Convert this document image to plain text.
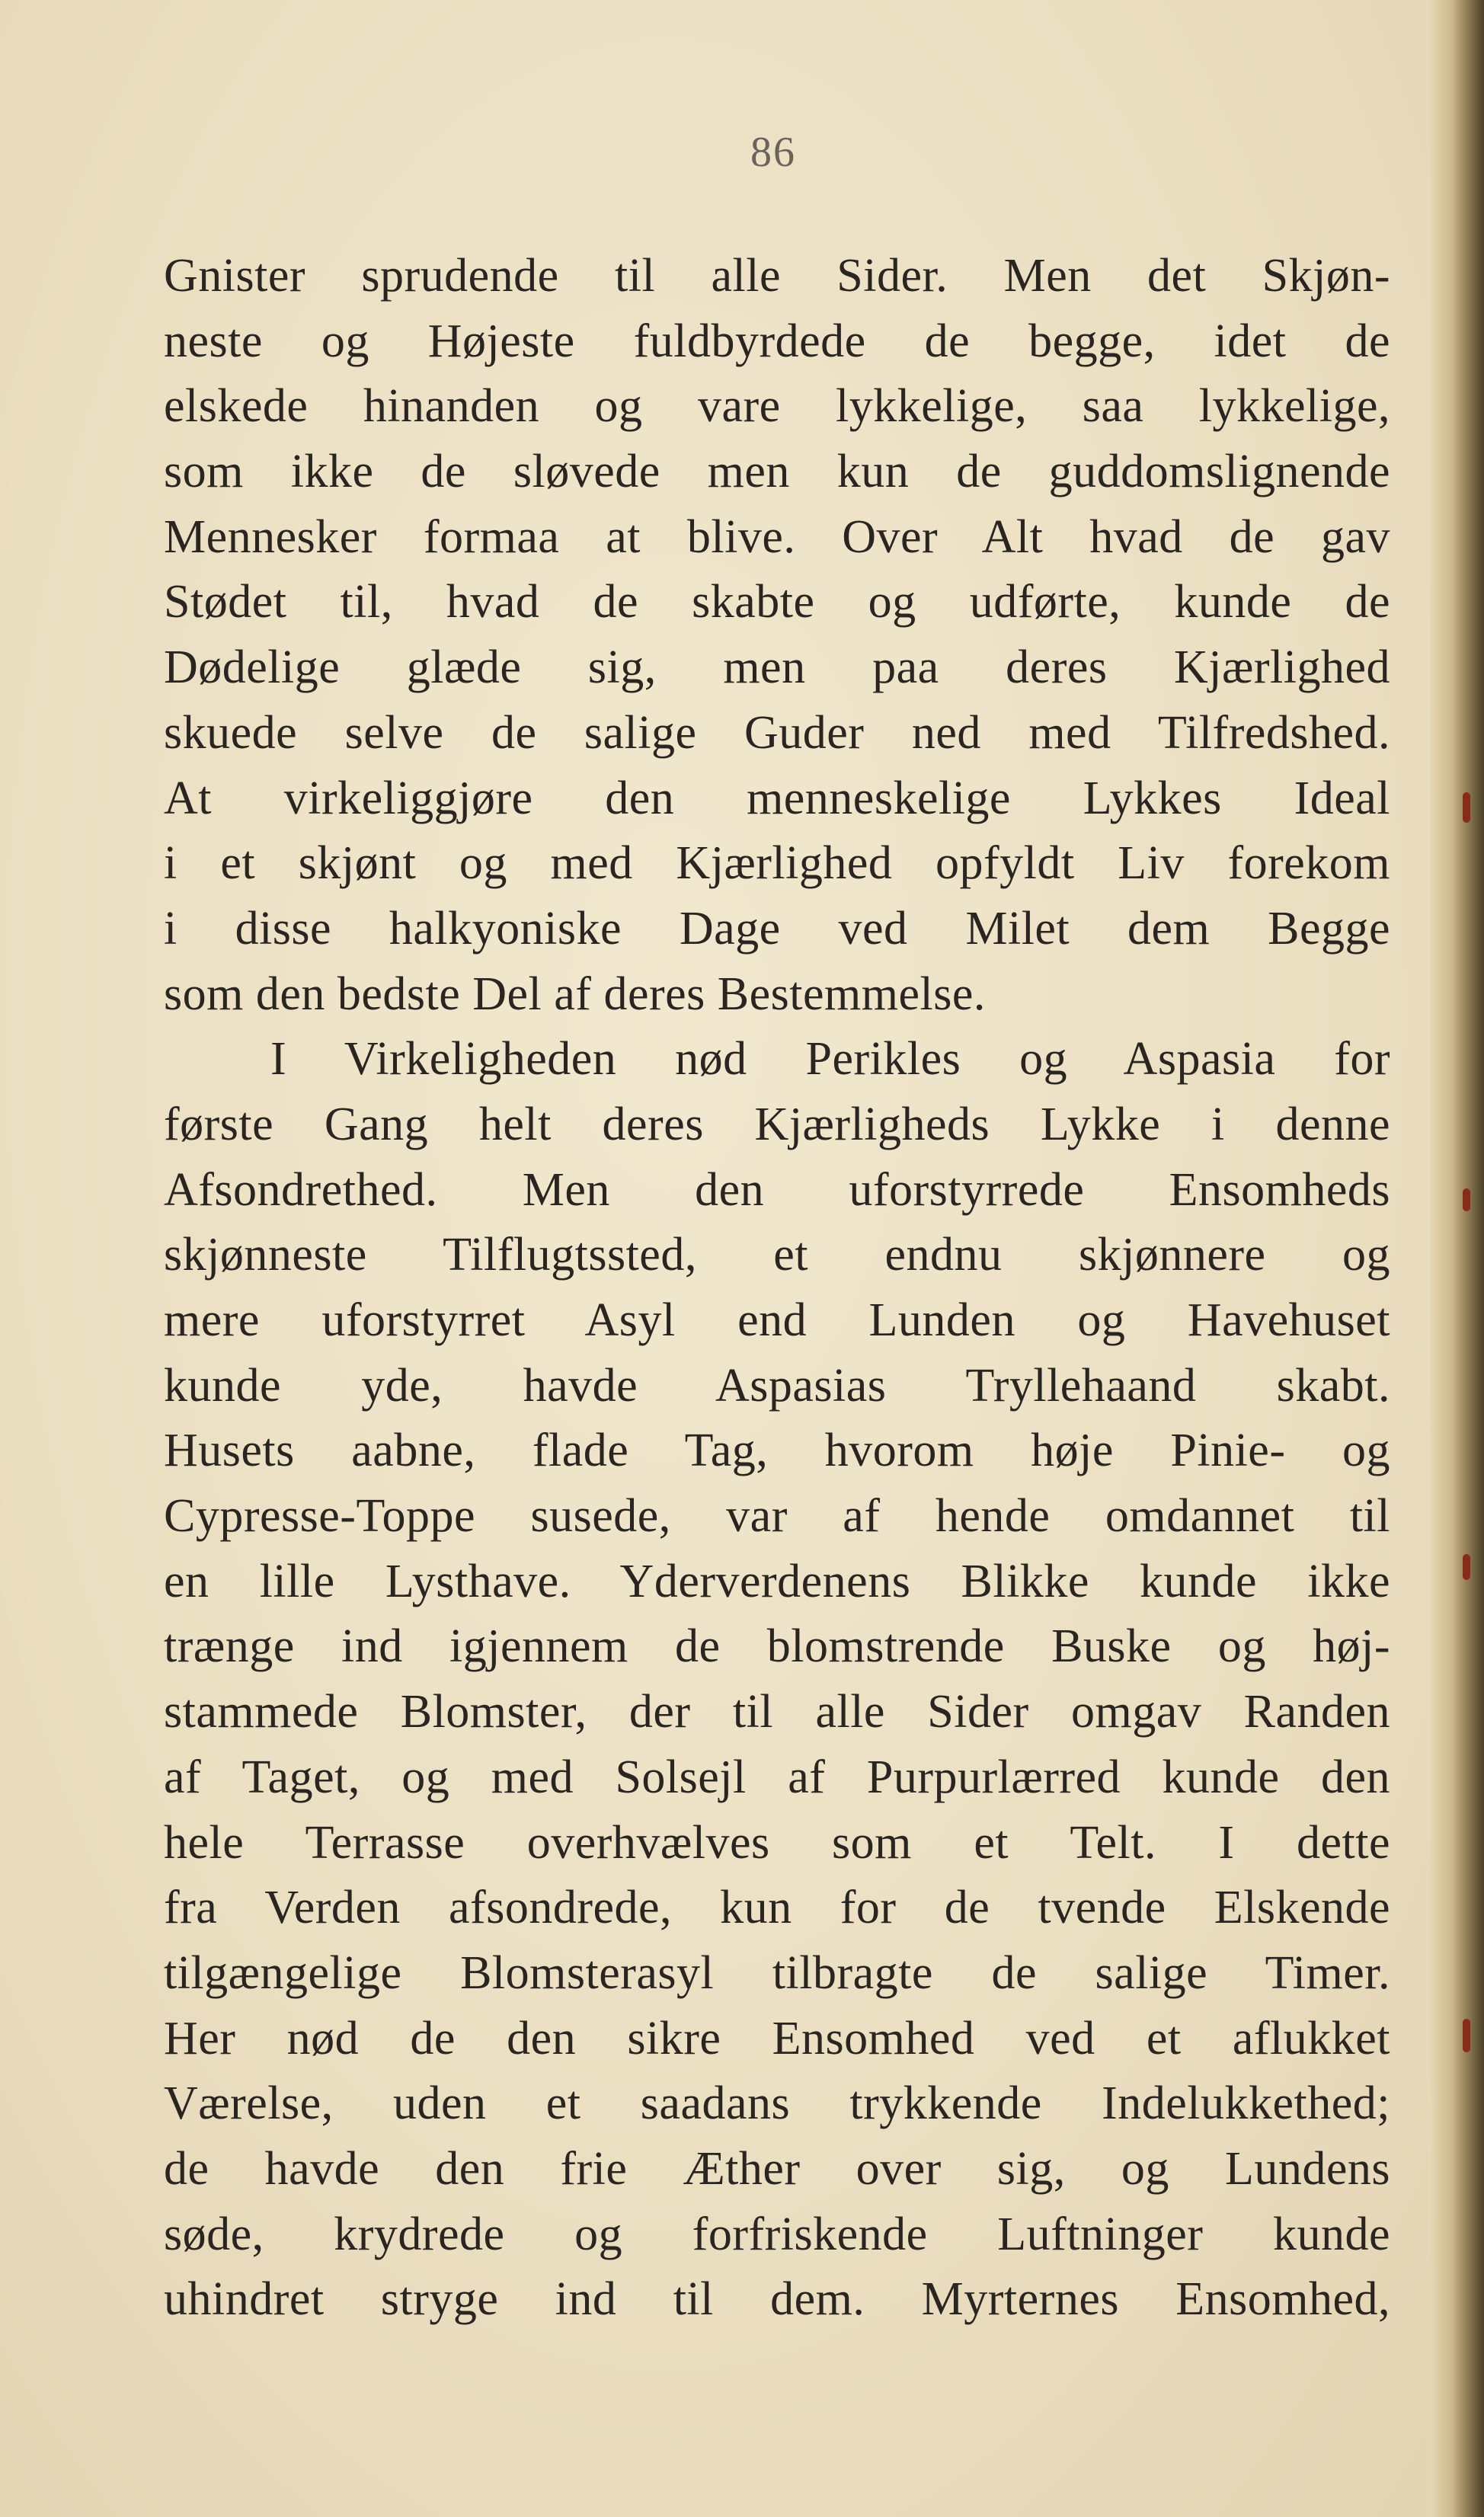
86
Gnister sprudende til alle Sider. Men det Skjøn-
neste og Højeste fuldbyrdede de begge, idet de
elskede hinanden og vare lykkelige, saa lykkelige,
som ikke de sløvede men kun de guddomslignende
Mennesker formaa at blive. Over Alt hvad de gav
Stødet til, hvad de skabte og udførte, kunde de
Dødelige glæde sig, men paa deres Kjærlighed
skuede selve de salige Guder ned med Tilfredshed.
At virkeliggjøre den menneskelige Lykkes Ideal
i et skjønt og med Kjærlighed opfyldt Liv forekom
i disse halkyoniske Dage ved Milet dem Begge
som den bedste Del af deres Bestemmelse.
I Virkeligheden nød Perikles og Aspasia for
første Gang helt deres Kjærligheds Lykke i denne
Afsondrethed. Men den uforstyrrede Ensomheds
skjønneste Tilflugtssted, et endnu skjønnere og
mere uforstyrret Asyl end Lunden og Havehuset
kunde yde, havde Aspasias Tryllehaand skabt.
Husets aabne, flade Tag, hvorom høje Pinie- og
Cypresse-Toppe susede, var af hende omdannet til
en lille Lysthave. Yderverdenens Blikke kunde ikke
trænge ind igjennem de blomstrende Buske og høj-
stammede Blomster, der til alle Sider omgav Randen
af Taget, og med Solsejl af Purpurlærred kunde den
hele Terrasse overhvælves som et Telt. I dette
fra Verden afsondrede, kun for de tvende Elskende
tilgængelige Blomsterasyl tilbragte de salige Timer.
Her nød de den sikre Ensomhed ved et aflukket
Værelse, uden et saadans trykkende Indelukkethed;
de havde den frie Æther over sig, og Lundens
søde, krydrede og forfriskende Luftninger kunde
uhindret stryge ind til dem. Myrternes Ensomhed,
